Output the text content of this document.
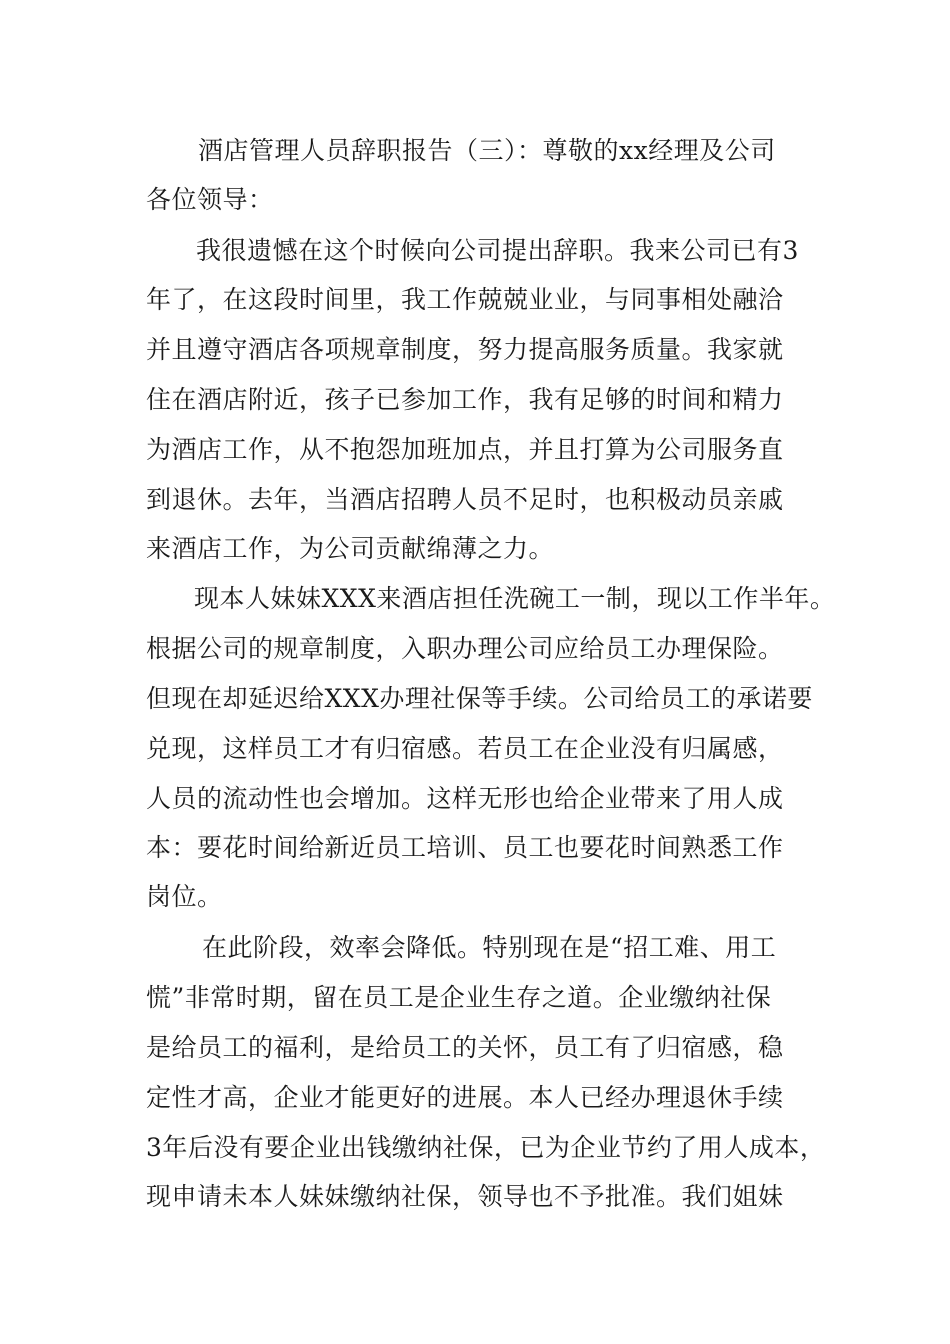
酒店管理人员辞职报告（三）：尊敬的xx经理及公司
各位领导：
我很遗憾在这个时候向公司提出辞职。我来公司已有3
年了，在这段时间里，我工作兢兢业业，与同事相处融洽
并且遵守酒店各项规章制度，努力提高服务质量。我家就
住在酒店附近，孩子已参加工作，我有足够的时间和精力
为酒店工作，从不抱怨加班加点，并且打算为公司服务直
到退休。去年，当酒店招聘人员不足时，也积极动员亲戚
来酒店工作，为公司贡献绵薄之力。
现本人妹妹XXX来酒店担任洗碗工一制，现以工作半年。
根据公司的规章制度，入职办理公司应给员工办理保险。
但现在却延迟给XXX办理社保等手续。公司给员工的承诺要
兑现，这样员工才有归宿感。若员工在企业没有归属感，
人员的流动性也会增加。这样无形也给企业带来了用人成
本：要花时间给新近员工培训、员工也要花时间熟悉工作
岗位。
在此阶段，效率会降低。特别现在是“招工难、用工
慌”非常时期，留在员工是企业生存之道。企业缴纳社保
是给员工的福利，是给员工的关怀，员工有了归宿感，稳
定性才高，企业才能更好的进展。本人已经办理退休手续
3年后没有要企业出钱缴纳社保，已为企业节约了用人成本，
现申请未本人妹妹缴纳社保，领导也不予批准。我们姐妹
